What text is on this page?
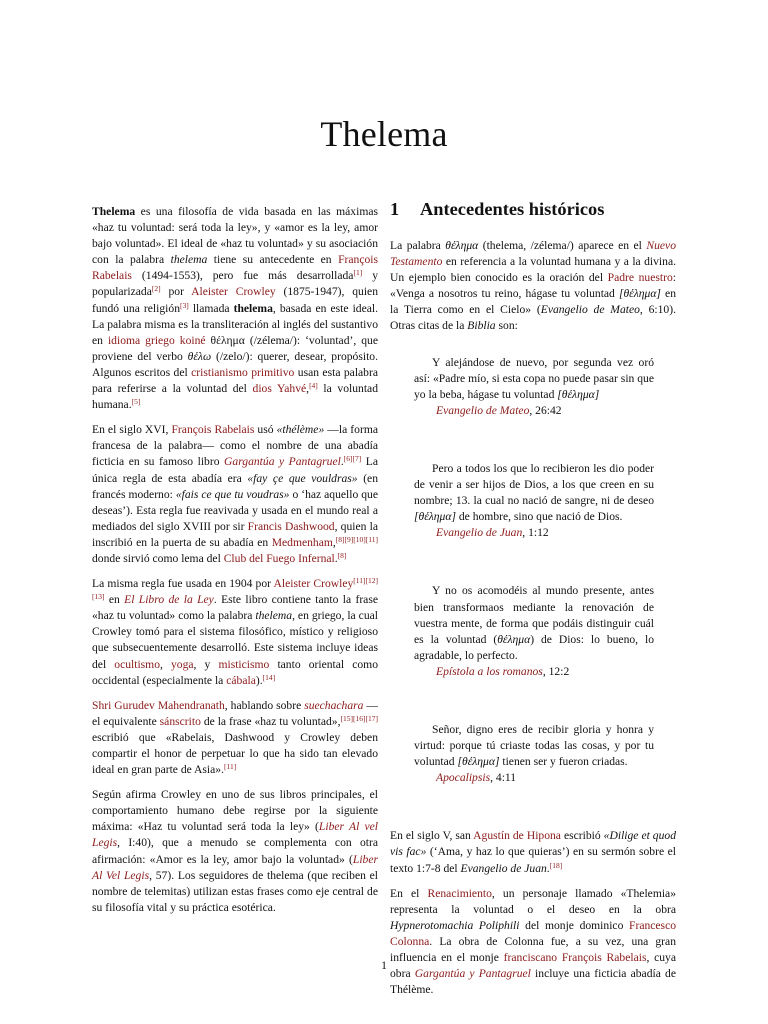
Thelema

Thelema es una filosofía de vida basada en las máximas «haz tu voluntad: será toda la ley», y «amor es la ley, amor bajo voluntad». El ideal de «haz tu voluntad» y su asociación con la palabra thelema tiene su antecedente en François Rabelais (1494-1553), pero fue más desarrollada[1] y popularizada[2] por Aleister Crowley (1875-1947), quien fundó una religión[3] llamada thelema, basada en este ideal. La palabra misma es la transliteración al inglés del sustantivo en idioma griego koiné θέλημα (/zélema/): ‘voluntad’, que proviene del verbo θέλω (/zelo/): querer, desear, propósito. Algunos escritos del cristianismo primitivo usan esta palabra para referirse a la voluntad del dios Yahvé,[4] la voluntad humana.[5]

En el siglo XVI, François Rabelais usó «thélème» —la forma francesa de la palabra— como el nombre de una abadía ficticia en su famoso libro Gargantúa y Pantagruel.[6][7] La única regla de esta abadía era «fay çe que vouldras» (en francés moderno: «fais ce que tu voudras» o ‘haz aquello que deseas’). Esta regla fue reavivada y usada en el mundo real a mediados del siglo XVIII por sir Francis Dashwood, quien la inscribió en la puerta de su abadía en Medmenham,[8][9][10][11] donde sirvió como lema del Club del Fuego Infernal.[8]

La misma regla fue usada en 1904 por Aleister Crowley[11][12][13] en El Libro de la Ley. Este libro contiene tanto la frase «haz tu voluntad» como la palabra thelema, en griego, la cual Crowley tomó para el sistema filosófico, místico y religioso que subsecuentemente desarrolló. Este sistema incluye ideas del ocultismo, yoga, y misticismo tanto oriental como occidental (especialmente la cábala).[14]

Shri Gurudev Mahendranath, hablando sobre suechachara —el equivalente sánscrito de la frase «haz tu voluntad»,[15][16][17] escribió que «Rabelais, Dashwood y Crowley deben compartir el honor de perpetuar lo que ha sido tan elevado ideal en gran parte de Asia».[11]

Según afirma Crowley en uno de sus libros principales, el comportamiento humano debe regirse por la siguiente máxima: «Haz tu voluntad será toda la ley» (Liber Al vel Legis, I:40), que a menudo se complementa con otra afirmación: «Amor es la ley, amor bajo la voluntad» (Liber Al Vel Legis, 57). Los seguidores de thelema (que reciben el nombre de telemitas) utilizan estas frases como eje central de su filosofía vital y su práctica esotérica.

1 Antecedentes históricos

La palabra θέλημα (thelema, /zélema/) aparece en el Nuevo Testamento en referencia a la voluntad humana y a la divina. Un ejemplo bien conocido es la oración del Padre nuestro: «Venga a nosotros tu reino, hágase tu voluntad [θέλημα] en la Tierra como en el Cielo» (Evangelio de Mateo, 6:10). Otras citas de la Biblia son:

Y alejándose de nuevo, por segunda vez oró así: «Padre mío, si esta copa no puede pasar sin que yo la beba, hágase tu voluntad [θέλημα]

Evangelio de Mateo, 26:42

Pero a todos los que lo recibieron les dio poder de venir a ser hijos de Dios, a los que creen en su nombre; 13. la cual no nació de sangre, ni de deseo [θέλημα] de hombre, sino que nació de Dios.

Evangelio de Juan, 1:12

Y no os acomodéis al mundo presente, antes bien transformaos mediante la renovación de vuestra mente, de forma que podáis distinguir cuál es la voluntad (θέλημα) de Dios: lo bueno, lo agradable, lo perfecto.

Epístola a los romanos, 12:2

Señor, digno eres de recibir gloria y honra y virtud: porque tú criaste todas las cosas, y por tu voluntad [θέλημα] tienen ser y fueron criadas.

Apocalipsis, 4:11

En el siglo V, san Agustín de Hipona escribió «Dilige et quod vis fac» (‘Ama, y haz lo que quieras’) en su sermón sobre el texto 1:7-8 del Evangelio de Juan.[18]

En el Renacimiento, un personaje llamado «Thelemia» representa la voluntad o el deseo en la obra Hypnerotomachia Poliphili del monje dominico Francesco Colonna. La obra de Colonna fue, a su vez, una gran influencia en el monje franciscano François Rabelais, cuya obra Gargantúa y Pantagruel incluye una ficticia abadía de Thélème.

1
